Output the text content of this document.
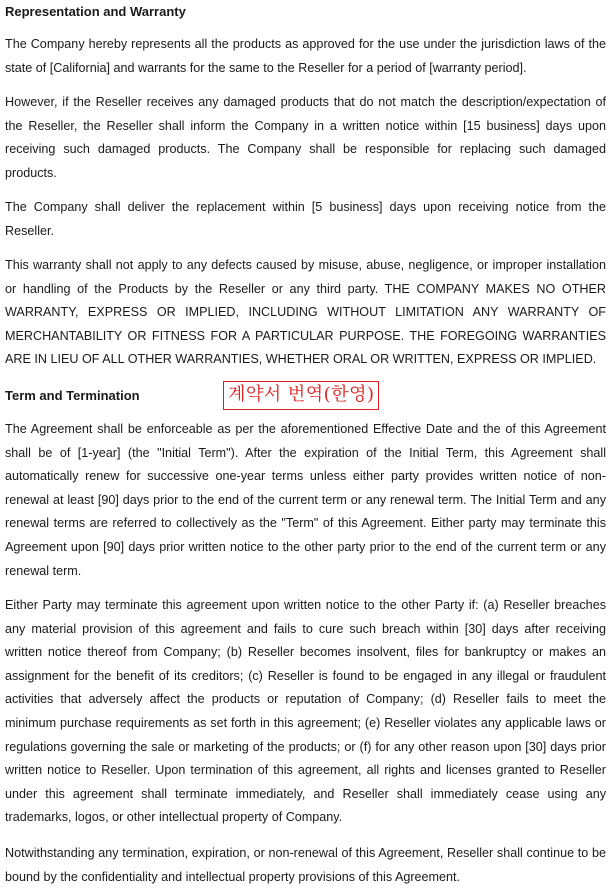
Representation and Warranty

The Company hereby represents all the products as approved for the use under the jurisdiction laws of the state of [California] and warrants for the same to the Reseller for a period of [warranty period].

However, if the Reseller receives any damaged products that do not match the description/expectation of the Reseller, the Reseller shall inform the Company in a written notice within [15 business] days upon receiving such damaged products. The Company shall be responsible for replacing such damaged products.

The Company shall deliver the replacement within [5 business] days upon receiving notice from the Reseller.

This warranty shall not apply to any defects caused by misuse, abuse, negligence, or improper installation or handling of the Products by the Reseller or any third party. THE COMPANY MAKES NO OTHER WARRANTY, EXPRESS OR IMPLIED, INCLUDING WITHOUT LIMITATION ANY WARRANTY OF MERCHANTABILITY OR FITNESS FOR A PARTICULAR PURPOSE. THE FOREGOING WARRANTIES ARE IN LIEU OF ALL OTHER WARRANTIES, WHETHER ORAL OR WRITTEN, EXPRESS OR IMPLIED.

Term and Termination	계약서 번역(한영)

The Agreement shall be enforceable as per the aforementioned Effective Date and the of this Agreement shall be of [1-year] (the "Initial Term"). After the expiration of the Initial Term, this Agreement shall automatically renew for successive one-year terms unless either party provides written notice of non-renewal at least [90] days prior to the end of the current term or any renewal term. The Initial Term and any renewal terms are referred to collectively as the "Term" of this Agreement. Either party may terminate this Agreement upon [90] days prior written notice to the other party prior to the end of the current term or any renewal term.

Either Party may terminate this agreement upon written notice to the other Party if: (a) Reseller breaches any material provision of this agreement and fails to cure such breach within [30] days after receiving written notice thereof from Company; (b) Reseller becomes insolvent, files for bankruptcy or makes an assignment for the benefit of its creditors; (c) Reseller is found to be engaged in any illegal or fraudulent activities that adversely affect the products or reputation of Company; (d) Reseller fails to meet the minimum purchase requirements as set forth in this agreement; (e) Reseller violates any applicable laws or regulations governing the sale or marketing of the products; or (f) for any other reason upon [30] days prior written notice to Reseller. Upon termination of this agreement, all rights and licenses granted to Reseller under this agreement shall terminate immediately, and Reseller shall immediately cease using any trademarks, logos, or other intellectual property of Company.

Notwithstanding any termination, expiration, or non-renewal of this Agreement, Reseller shall continue to be bound by the confidentiality and intellectual property provisions of this Agreement.
